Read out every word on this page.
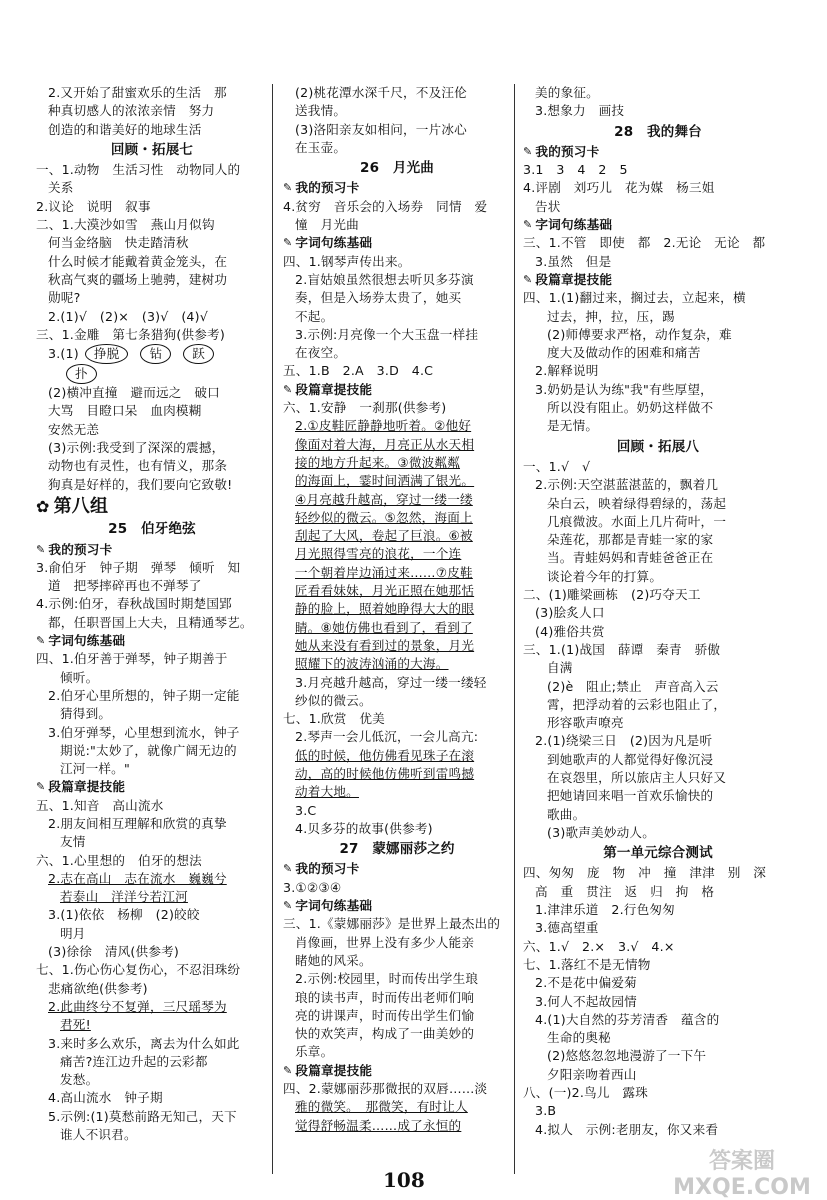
2.又开始了甜蜜欢乐的生活　那
种真切感人的浓浓亲情　努力
创造的和谐美好的地球生活
回顾・拓展七
一、1.动物　生活习性　动物同人的
关系
2.议论　说明　叙事
二、1.大漠沙如雪　燕山月似钩
何当金络脑　快走踏清秋
什么时候才能戴着黄金笼头，在
秋高气爽的疆场上驰骋，建树功
勋呢?
2.(1)√　(2)×　(3)√　(4)√
三、1.金雕　第七条猎狗(供参考)
3.(1) 挣脱 钻 跃
扑
(2)横冲直撞　避而远之　破口
大骂　目瞪口呆　血肉模糊
安然无恙
(3)示例:我受到了深深的震撼，
动物也有灵性，也有情义，那条
狗真是好样的，我们要向它致敬!
✿ 第八组
25　伯牙绝弦
✎ 我的预习卡
3.俞伯牙　钟子期　弹琴　倾听　知
道　把琴摔碎再也不弹琴了
4.示例:伯牙，春秋战国时期楚国郢
都，任职晋国上大夫，且精通琴艺。
✎ 字词句练基础
四、1.伯牙善于弹琴，钟子期善于
倾听。
2.伯牙心里所想的，钟子期一定能
猜得到。
3.伯牙弹琴，心里想到流水，钟子
期说:"太妙了，就像广阔无边的
江河一样。"
✎ 段篇章提技能
五、1.知音　高山流水
2.朋友间相互理解和欣赏的真挚
友情
六、1.心里想的　伯牙的想法
2.志在高山　志在流水　巍巍兮
若泰山　洋洋兮若江河
3.(1)依依　杨柳　(2)皎皎
明月
(3)徐徐　清风(供参考)
七、1.伤心伤心复伤心，不忍泪珠纷
悲痛欲绝(供参考)
2.此曲终兮不复弹，三尺瑶琴为
君死!
3.来时多么欢乐，离去为什么如此
痛苦?连江边升起的云彩都
发愁。
4.高山流水　钟子期
5.示例:(1)莫愁前路无知己，天下
谁人不识君。
(2)桃花潭水深千尺，不及汪伦
送我情。
(3)洛阳亲友如相问，一片冰心
在玉壶。
26　月光曲
✎ 我的预习卡
4.贫穷　音乐会的入场券　同情　爱
憧　月光曲
✎ 字词句练基础
四、1.钢琴声传出来。
2.盲姑娘虽然很想去听贝多芬演
奏，但是入场券太贵了，她买
不起。
3.示例:月亮像一个大玉盘一样挂
在夜空。
五、1.B　2.A　3.D　4.C
✎ 段篇章提技能
六、1.安静　一刹那(供参考)
2.①皮鞋匠静静地听着。②他好
像面对着大海，月亮正从水天相
接的地方升起来。③微波粼粼
的海面上，霎时间洒满了银光。
④月亮越升越高，穿过一缕一缕
轻纱似的微云。⑤忽然，海面上
刮起了大风，卷起了巨浪。⑥被
月光照得雪亮的浪花，一个连
一个朝着岸边涌过来……⑦皮鞋
匠看看妹妹，月光正照在她那恬
静的脸上，照着她睁得大大的眼
睛。⑧她仿佛也看到了，看到了
她从来没有看到过的景象，月光
照耀下的波涛汹涌的大海。
3.月亮越升越高，穿过一缕一缕轻
纱似的微云。
七、1.欣赏　优美
2.琴声一会儿低沉，一会儿高亢:
低的时候，他仿佛看见珠子在滚
动，高的时候他仿佛听到雷鸣撼
动着大地。
3.C
4.贝多芬的故事(供参考)
27　蒙娜丽莎之约
✎ 我的预习卡
3.①②③④
✎ 字词句练基础
三、1.《蒙娜丽莎》是世界上最杰出的
肖像画，世界上没有多少人能亲
睹她的风采。
2.示例:校园里，时而传出学生琅
琅的读书声，时而传出老师们响
亮的讲课声，时而传出学生们愉
快的欢笑声，构成了一曲美妙的
乐章。
✎ 段篇章提技能
四、2.蒙娜丽莎那微抿的双唇……淡
雅的微笑。　那微笑，有时让人
觉得舒畅温柔……成了永恒的
美的象征。
3.想象力　画技
28　我的舞台
✎ 我的预习卡
3.1　3　4　2　5
4.评剧　刘巧儿　花为媒　杨三姐
告状
✎ 字词句练基础
三、1.不管　即使　都　2.无论　无论　都
3.虽然　但是
✎ 段篇章提技能
四、1.(1)翻过来，搁过去，立起来，横
过去，抻，拉，压，踢
(2)师傅要求严格，动作复杂，难
度大及做动作的困难和痛苦
2.解释说明
3.奶奶是认为练"我"有些厚望，
所以没有阻止。奶奶这样做不
是无情。
回顾・拓展八
一、1.√　√
2.示例:天空湛蓝湛蓝的，飘着几
朵白云，映着绿得碧绿的，荡起
几痕微波。水面上几片荷叶，一
朵莲花，那都是青蛙一家的家
当。青蛙妈妈和青蛙爸爸正在
谈论着今年的打算。
二、(1)雕梁画栋　(2)巧夺天工
(3)脍炙人口
(4)雅俗共赏
三、1.(1)战国　薛谭　秦青　骄傲
自满
(2)è　阻止;禁止　声音高入云
霄，把浮动着的云彩也阻止了，
形容歌声嘹亮
2.(1)绕梁三日　(2)因为凡是听
到她歌声的人都觉得好像沉浸
在哀怨里，所以旅店主人只好又
把她请回来唱一首欢乐愉快的
歌曲。
(3)歌声美妙动人。
第一单元综合测试
四、匆匆　庞　物　冲　撞　津津　别　深
高　重　贯注　返　归　拘　格
1.津津乐道　2.行色匆匆
3.德高望重
六、1.√　2.×　3.√　4.×
七、1.落红不是无情物
2.不是花中偏爱菊
3.何人不起故园情
4.(1)大自然的芬芳清香　蕴含的
生命的奥秘
(2)悠悠忽忽地漫游了一下午
夕阳亲吻着西山
八、(一)2.鸟儿　露珠
3.B
4.拟人　示例:老朋友，你又来看
108
答案圈 MXQE.COM
